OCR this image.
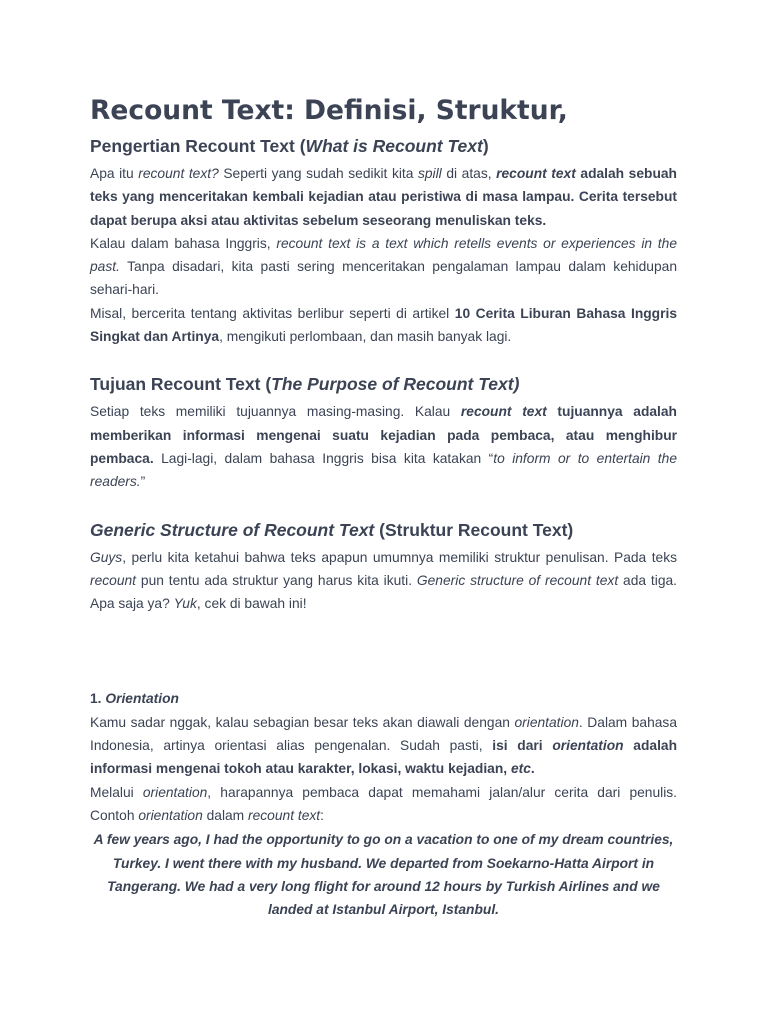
Recount Text: Definisi, Struktur,
Pengertian Recount Text (What is Recount Text)

Apa itu recount text? Seperti yang sudah sedikit kita spill di atas, recount text adalah sebuah teks yang menceritakan kembali kejadian atau peristiwa di masa lampau. Cerita tersebut dapat berupa aksi atau aktivitas sebelum seseorang menuliskan teks.

Kalau dalam bahasa Inggris, recount text is a text which retells events or experiences in the past. Tanpa disadari, kita pasti sering menceritakan pengalaman lampau dalam kehidupan sehari-hari.

Misal, bercerita tentang aktivitas berlibur seperti di artikel 10 Cerita Liburan Bahasa Inggris Singkat dan Artinya, mengikuti perlombaan, dan masih banyak lagi.

Tujuan Recount Text (The Purpose of Recount Text)

Setiap teks memiliki tujuannya masing-masing. Kalau recount text tujuannya adalah memberikan informasi mengenai suatu kejadian pada pembaca, atau menghibur pembaca. Lagi-lagi, dalam bahasa Inggris bisa kita katakan “to inform or to entertain the readers.”

Generic Structure of Recount Text (Struktur Recount Text)

Guys, perlu kita ketahui bahwa teks apapun umumnya memiliki struktur penulisan. Pada teks recount pun tentu ada struktur yang harus kita ikuti. Generic structure of recount text ada tiga. Apa saja ya? Yuk, cek di bawah ini!

1. Orientation

Kamu sadar nggak, kalau sebagian besar teks akan diawali dengan orientation. Dalam bahasa Indonesia, artinya orientasi alias pengenalan. Sudah pasti, isi dari orientation adalah informasi mengenai tokoh atau karakter, lokasi, waktu kejadian, etc.

Melalui orientation, harapannya pembaca dapat memahami jalan/alur cerita dari penulis. Contoh orientation dalam recount text:

A few years ago, I had the opportunity to go on a vacation to one of my dream countries, Turkey. I went there with my husband. We departed from Soekarno-Hatta Airport in Tangerang. We had a very long flight for around 12 hours by Turkish Airlines and we landed at Istanbul Airport, Istanbul.
